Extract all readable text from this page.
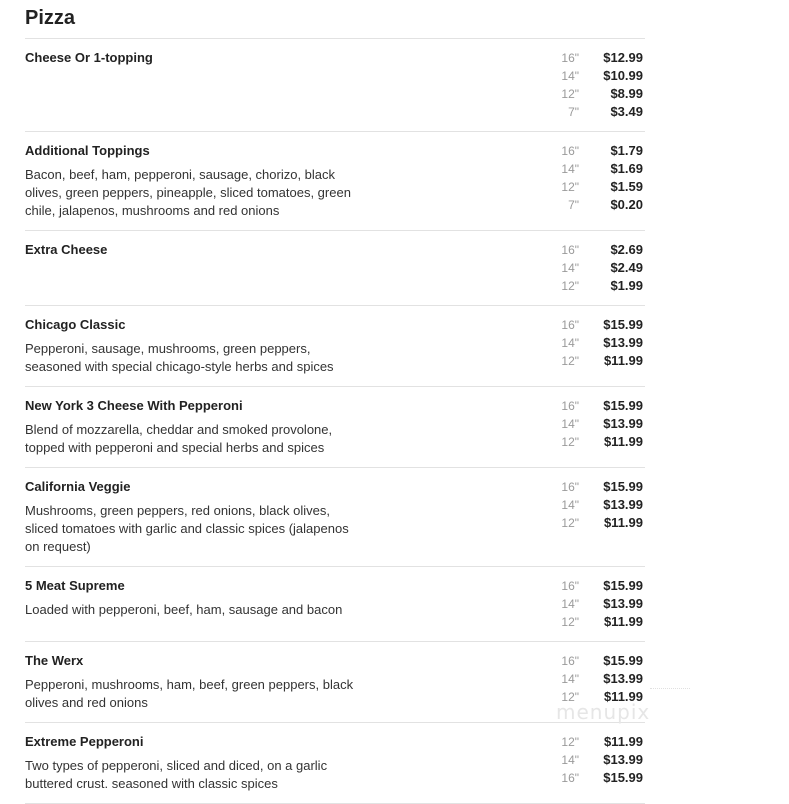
Pizza
Cheese Or 1-topping	16" $12.99
14" $10.99
12" $8.99
7" $3.49
Additional Toppings
Bacon, beef, ham, pepperoni, sausage, chorizo, black olives, green peppers, pineapple, sliced tomatoes, green chile, jalapenos, mushrooms and red onions
16" $1.79
14" $1.69
12" $1.59
7" $0.20
Extra Cheese	16" $2.69
14" $2.49
12" $1.99
Chicago Classic
Pepperoni, sausage, mushrooms, green peppers, seasoned with special chicago-style herbs and spices
16" $15.99
14" $13.99
12" $11.99
New York 3 Cheese With Pepperoni
Blend of mozzarella, cheddar and smoked provolone, topped with pepperoni and special herbs and spices
16" $15.99
14" $13.99
12" $11.99
California Veggie
Mushrooms, green peppers, red onions, black olives, sliced tomatoes with garlic and classic spices (jalapenos on request)
16" $15.99
14" $13.99
12" $11.99
5 Meat Supreme
Loaded with pepperoni, beef, ham, sausage and bacon
16" $15.99
14" $13.99
12" $11.99
The Werx
Pepperoni, mushrooms, ham, beef, green peppers, black olives and red onions
16" $15.99
14" $13.99
12" $11.99
Extreme Pepperoni
Two types of pepperoni, sliced and diced, on a garlic buttered crust. seasoned with classic spices
12" $11.99
14" $13.99
16" $15.99
menupix
